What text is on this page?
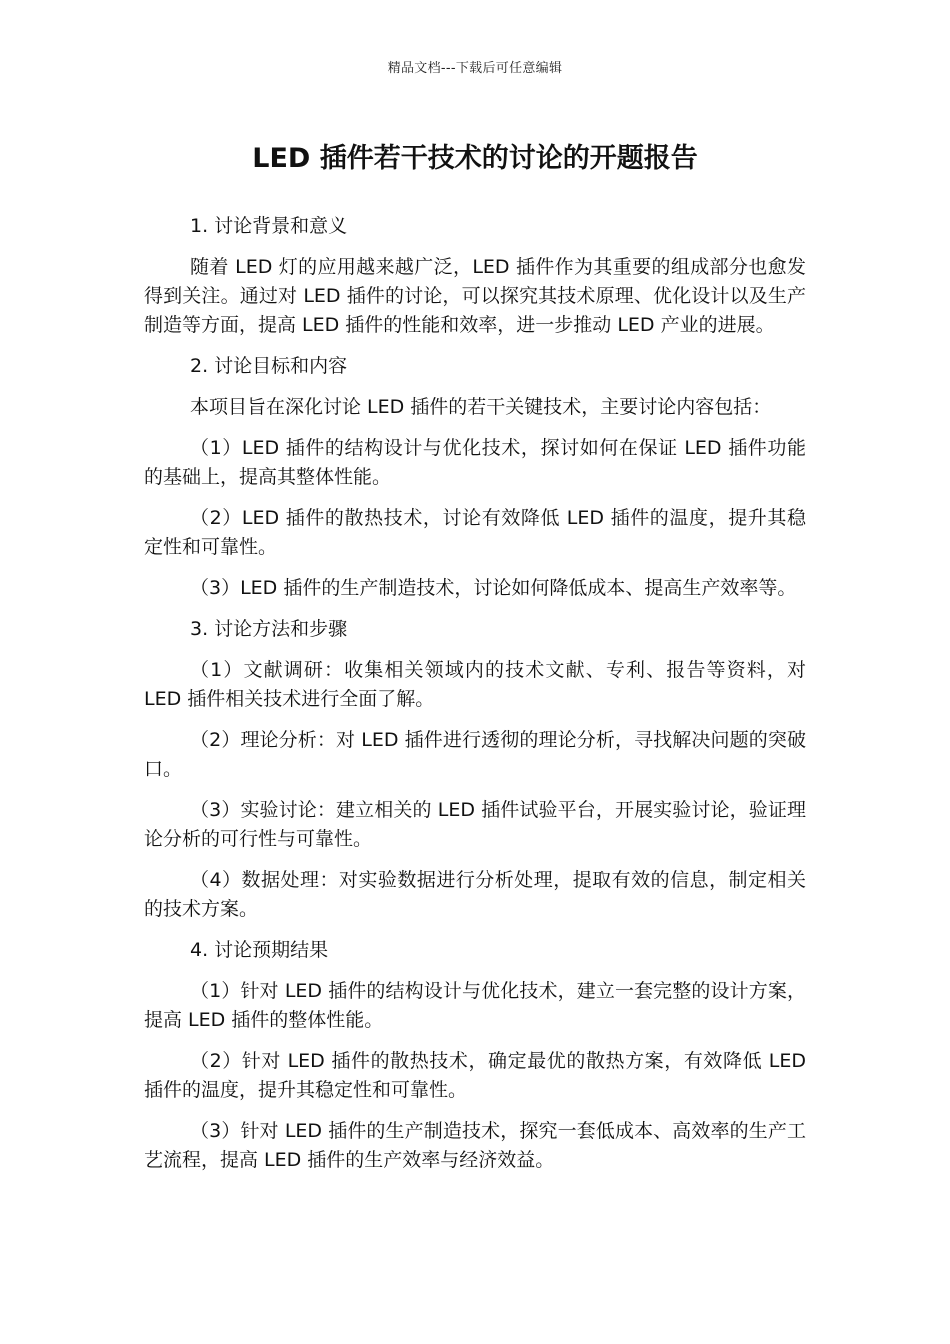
精品文档---下载后可任意编辑
LED 插件若干技术的讨论的开题报告

1. 讨论背景和意义

随着 LED 灯的应用越来越广泛，LED 插件作为其重要的组成部分也愈发得到关注。通过对 LED 插件的讨论，可以探究其技术原理、优化设计以及生产制造等方面，提高 LED 插件的性能和效率，进一步推动 LED 产业的进展。

2. 讨论目标和内容

本项目旨在深化讨论 LED 插件的若干关键技术，主要讨论内容包括：

（1）LED 插件的结构设计与优化技术，探讨如何在保证 LED 插件功能的基础上，提高其整体性能。

（2）LED 插件的散热技术，讨论有效降低 LED 插件的温度，提升其稳定性和可靠性。

（3）LED 插件的生产制造技术，讨论如何降低成本、提高生产效率等。

3. 讨论方法和步骤

（1）文献调研：收集相关领域内的技术文献、专利、报告等资料，对 LED 插件相关技术进行全面了解。

（2）理论分析：对 LED 插件进行透彻的理论分析，寻找解决问题的突破口。

（3）实验讨论：建立相关的 LED 插件试验平台，开展实验讨论，验证理论分析的可行性与可靠性。

（4）数据处理：对实验数据进行分析处理，提取有效的信息，制定相关的技术方案。

4. 讨论预期结果

（1）针对 LED 插件的结构设计与优化技术，建立一套完整的设计方案，提高 LED 插件的整体性能。

（2）针对 LED 插件的散热技术，确定最优的散热方案，有效降低 LED 插件的温度，提升其稳定性和可靠性。

（3）针对 LED 插件的生产制造技术，探究一套低成本、高效率的生产工艺流程，提高 LED 插件的生产效率与经济效益。
